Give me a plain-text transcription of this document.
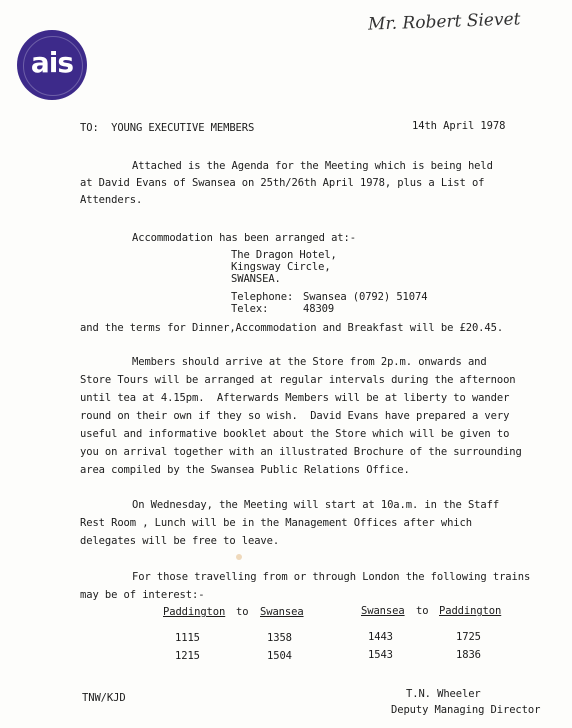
ais
Mr. Robert Sievet
TO:  YOUNG EXECUTIVE MEMBERS	14th April 1978
Attached is the Agenda for the Meeting which is being held
at David Evans of Swansea on 25th/26th April 1978, plus a List of
Attenders.
Accommodation has been arranged at:-
The Dragon Hotel,
Kingsway Circle,
SWANSEA.
Telephone: Swansea (0792) 51074
Telex:	48309
and the terms for Dinner,Accommodation and Breakfast will be £20.45.
Members should arrive at the Store from 2p.m. onwards and
Store Tours will be arranged at regular intervals during the afternoon
until tea at 4.15pm.  Afterwards Members will be at liberty to wander
round on their own if they so wish.  David Evans have prepared a very
useful and informative booklet about the Store which will be given to
you on arrival together with an illustrated Brochure of the surrounding
area compiled by the Swansea Public Relations Office.
On Wednesday, the Meeting will start at 10a.m. in the Staff
Rest Room , Lunch will be in the Management Offices after which
delegates will be free to leave.
For those travelling from or through London the following trains
may be of interest:-
Paddington to Swansea	Swansea to Paddington
1115	1358	1443	1725
1215	1504	1543	1836
TNW/KJD	T.N. Wheeler
Deputy Managing Director
